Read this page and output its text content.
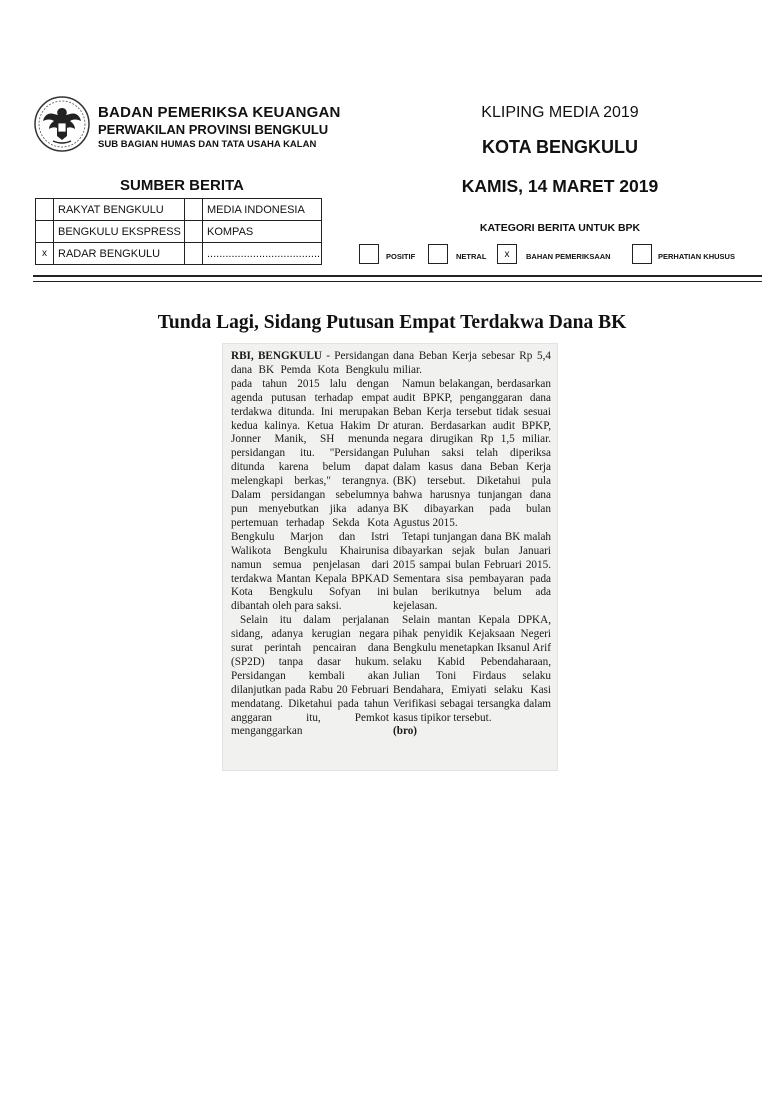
BADAN PEMERIKSA KEUANGAN
PERWAKILAN PROVINSI BENGKULU
SUB BAGIAN HUMAS DAN TATA USAHA KALAN
KLIPING MEDIA 2019
KOTA BENGKULU
KAMIS, 14 MARET 2019
SUMBER BERITA
	RAKYAT BENGKULU		MEDIA INDONESIA
	BENGKULU EKSPRESS		KOMPAS
x	RADAR BENGKULU		.....................................
KATEGORI BERITA UNTUK BPK
POSITIF	NETRAL	x	BAHAN PEMERIKSAAN	PERHATIAN KHUSUS
Tunda Lagi, Sidang Putusan Empat Terdakwa Dana BK

RBI, BENGKULU - Persidangan dana BK Pemda Kota Bengkulu pada tahun 2015 lalu dengan agenda putusan terhadap empat terdakwa ditunda. Ini merupakan kedua kalinya. Ketua Hakim Dr Jonner Manik, SH menunda persidangan itu. "Persidangan ditunda karena belum dapat melengkapi berkas," terangnya. Dalam persidangan sebelumnya pun menyebutkan jika adanya pertemuan terhadap Sekda Kota Bengkulu Marjon dan Istri Walikota Bengkulu Khairunisa namun semua penjelasan dari terdakwa Mantan Kepala BPKAD Kota Bengkulu Sofyan ini dibantah oleh para saksi.

Selain itu dalam perjalanan sidang, adanya kerugian negara surat perintah pencairan dana (SP2D) tanpa dasar hukum. Persidangan kembali akan dilanjutkan pada Rabu 20 Februari mendatang. Diketahui pada tahun anggaran itu, Pemkot menganggarkan

dana Beban Kerja sebesar Rp 5,4 miliar.

Namun belakangan, berdasarkan audit BPKP, penganggaran dana Beban Kerja tersebut tidak sesuai aturan. Berdasarkan audit BPKP, negara dirugikan Rp 1,5 miliar. Puluhan saksi telah diperiksa dalam kasus dana Beban Kerja (BK) tersebut. Diketahui pula bahwa harusnya tunjangan dana BK dibayarkan pada bulan Agustus 2015.

Tetapi tunjangan dana BK malah dibayarkan sejak bulan Januari 2015 sampai bulan Februari 2015. Sementara sisa pembayaran pada bulan berikutnya belum ada kejelasan.

Selain mantan Kepala DPKA, pihak penyidik Kejaksaan Negeri Bengkulu menetapkan Iksanul Arif selaku Kabid Pebendaharaan, Julian Toni Firdaus selaku Bendahara, Emiyati selaku Kasi Verifikasi sebagai tersangka dalam kasus tipikor tersebut.

(bro)
